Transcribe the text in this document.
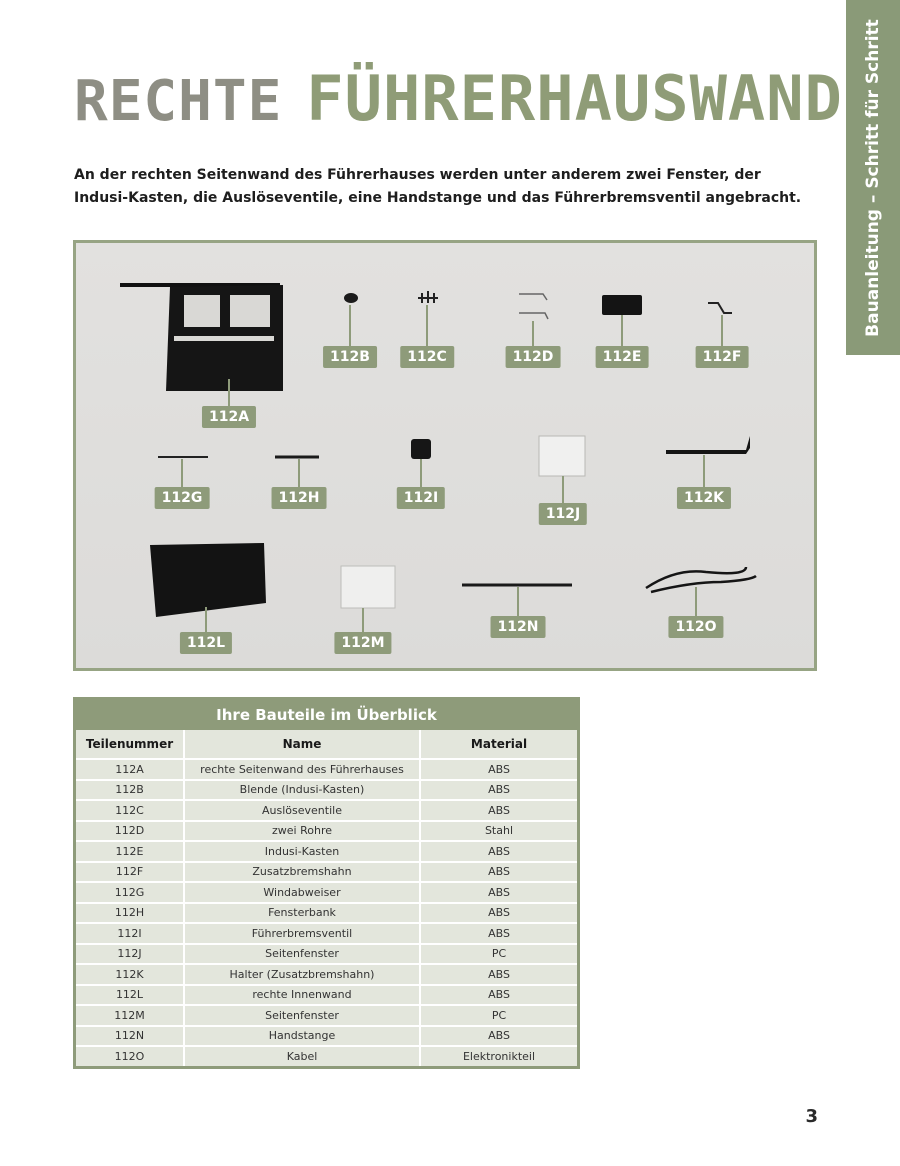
Bauanleitung – Schritt für Schritt
RECHTE FÜHRERHAUSWAND

An der rechten Seitenwand des Führerhauses werden unter anderem zwei Fenster, der Indusi-Kasten, die Auslöseventile, eine Handstange und das Führerbremsventil angebracht.

112A
112B	112C	112D	112E	112F
112G	112H	112I
112J
112K
112L	112M
112N	112O
Ihre Bauteile im Überblick
Teilenummer	Name	Material
112A	rechte Seitenwand des Führerhauses	ABS
112B	Blende (Indusi-Kasten)	ABS
112C	Auslöseventile	ABS
112D	zwei Rohre	Stahl
112E	Indusi-Kasten	ABS
112F	Zusatzbremshahn	ABS
112G	Windabweiser	ABS
112H	Fensterbank	ABS
112I	Führerbremsventil	ABS
112J	Seitenfenster	PC
112K	Halter (Zusatzbremshahn)	ABS
112L	rechte Innenwand	ABS
112M	Seitenfenster	PC
112N	Handstange	ABS
112O	Kabel	Elektronikteil
3
